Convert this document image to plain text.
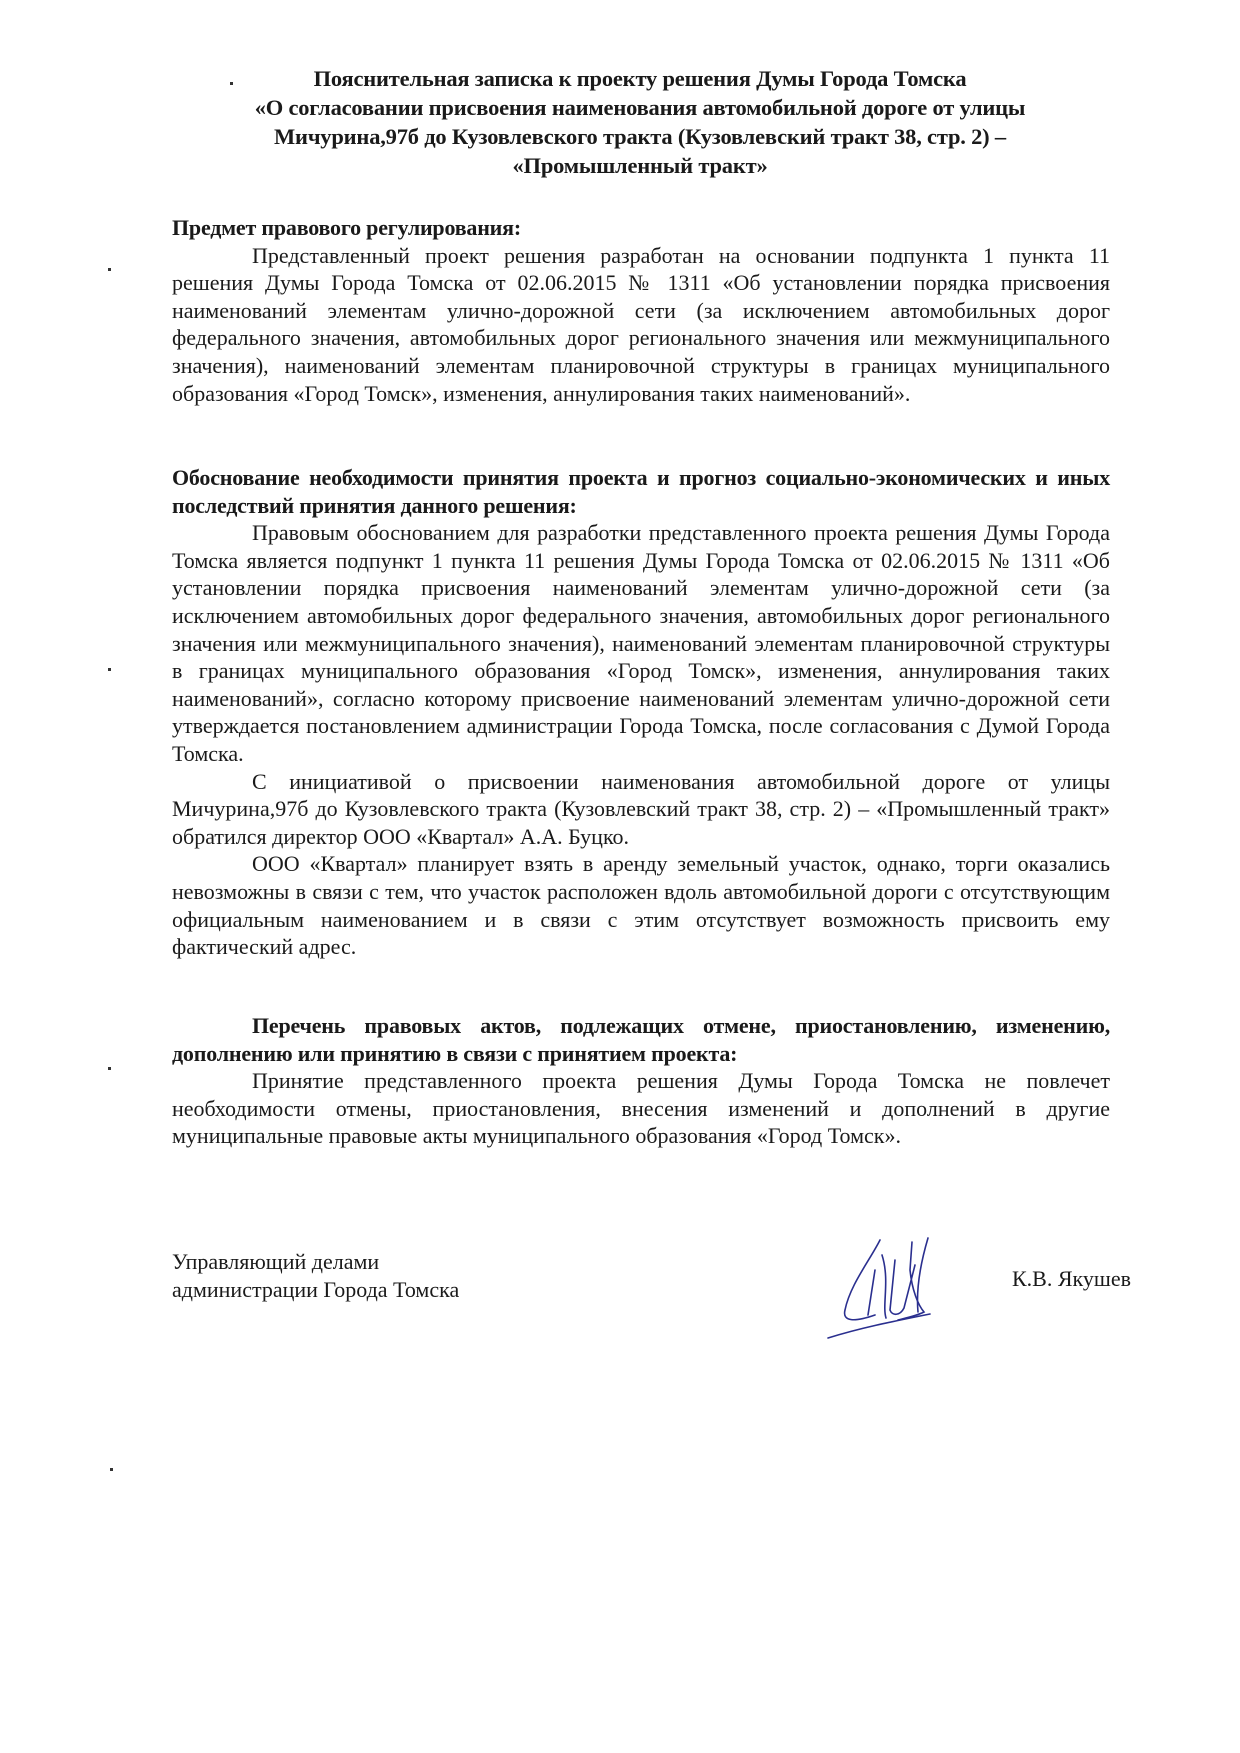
Пояснительная записка к проекту решения Думы Города Томска
«О согласовании присвоения наименования автомобильной дороге от улицы
Мичурина,97б до Кузовлевского тракта (Кузовлевский тракт 38, стр. 2) –
«Промышленный тракт»
Предмет правового регулирования:
Представленный проект решения разработан на основании подпункта 1 пункта 11 решения Думы Города Томска от 02.06.2015 № 1311 «Об установлении порядка присвоения наименований элементам улично-дорожной сети (за исключением автомобильных дорог федерального значения, автомобильных дорог регионального значения или межмуниципального значения), наименований элементам планировочной структуры в границах муниципального образования «Город Томск», изменения, аннулирования таких наименований».
Обоснование необходимости принятия проекта и прогноз социально-экономических и иных последствий принятия данного решения:
Правовым обоснованием для разработки представленного проекта решения Думы Города Томска является подпункт 1 пункта 11 решения Думы Города Томска от 02.06.2015 № 1311 «Об установлении порядка присвоения наименований элементам улично-дорожной сети (за исключением автомобильных дорог федерального значения, автомобильных дорог регионального значения или межмуниципального значения), наименований элементам планировочной структуры в границах муниципального образования «Город Томск», изменения, аннулирования таких наименований», согласно которому присвоение наименований элементам улично-дорожной сети утверждается постановлением администрации Города Томска, после согласования с Думой Города Томска.
С инициативой о присвоении наименования автомобильной дороге от улицы Мичурина,97б до Кузовлевского тракта (Кузовлевский тракт 38, стр. 2) – «Промышленный тракт» обратился директор ООО «Квартал» А.А. Буцко.
ООО «Квартал» планирует взять в аренду земельный участок, однако, торги оказались невозможны в связи с тем, что участок расположен вдоль автомобильной дороги с отсутствующим официальным наименованием и в связи с этим отсутствует возможность присвоить ему фактический адрес.
Перечень правовых актов, подлежащих отмене, приостановлению, изменению, дополнению или принятию в связи с принятием проекта:
Принятие представленного проекта решения Думы Города Томска не повлечет необходимости отмены, приостановления, внесения изменений и дополнений в другие муниципальные правовые акты муниципального образования «Город Томск».
Управляющий делами
администрации Города Томска	К.В. Якушев
